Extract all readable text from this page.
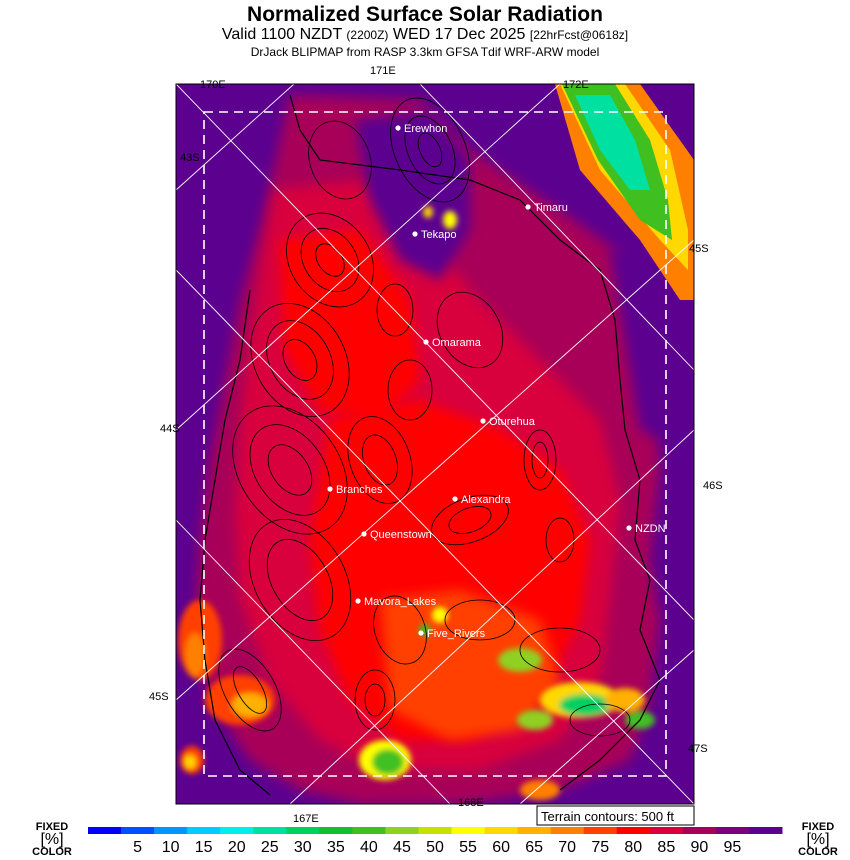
Normalized Surface Solar Radiation
Valid 1100 NZDT (2200Z) WED 17 Dec 2025 [22hrFcst@0618z]
DrJack BLIPMAP from RASP 3.3km GFSA Tdif WRF-ARW model
170E
171E
172E
43S
44S
45S
45S
46S
47S
167E
168E
Erewhon
Timaru
Tekapo
Omarama
Oturehua
Branches
Alexandra
Queenstown	NZDN
Mavora_Lakes
Five_Rivers
Terrain contours: 500 ft
5 10 15 20 25 30 35 40 45 50 55 60 65 70 75 80 85 90 95
FIXED
[%]
COLOR
FIXED
[%]
COLOR
